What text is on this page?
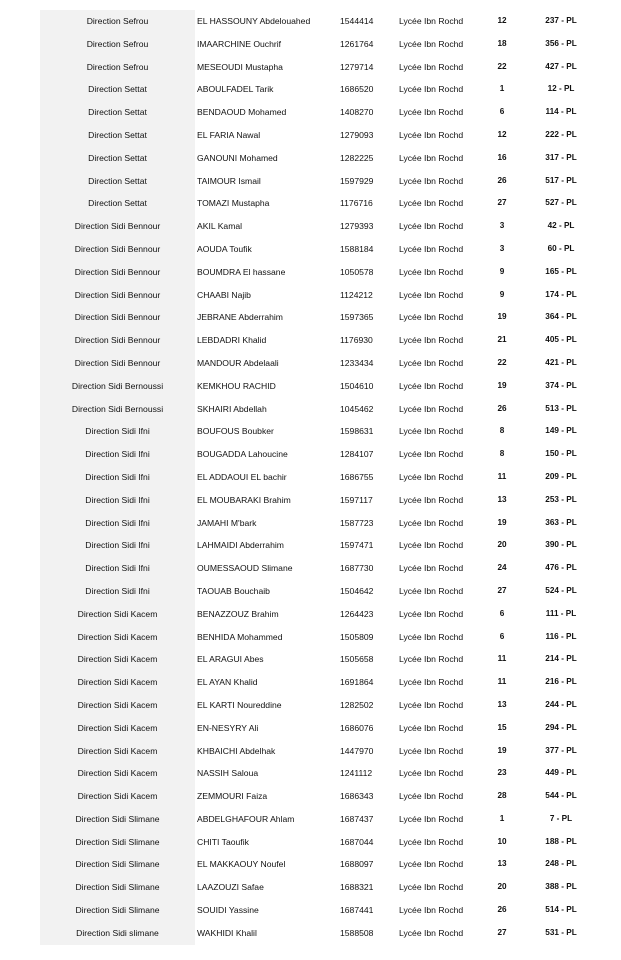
Direction Sefrou	EL HASSOUNY Abdelouahed	1544414	Lycée Ibn Rochd	12	237 - PL
Direction Sefrou	IMAARCHINE Ouchrif	1261764	Lycée Ibn Rochd	18	356 - PL
Direction Sefrou	MESEOUDI Mustapha	1279714	Lycée Ibn Rochd	22	427 - PL
Direction Settat	ABOULFADEL Tarik	1686520	Lycée Ibn Rochd	1	12 - PL
Direction Settat	BENDAOUD Mohamed	1408270	Lycée Ibn Rochd	6	114 - PL
Direction Settat	EL FARIA Nawal	1279093	Lycée Ibn Rochd	12	222 - PL
Direction Settat	GANOUNI Mohamed	1282225	Lycée Ibn Rochd	16	317 - PL
Direction Settat	TAIMOUR Ismail	1597929	Lycée Ibn Rochd	26	517 - PL
Direction Settat	TOMAZI Mustapha	1176716	Lycée Ibn Rochd	27	527 - PL
Direction Sidi Bennour	AKIL Kamal	1279393	Lycée Ibn Rochd	3	42 - PL
Direction Sidi Bennour	AOUDA Toufik	1588184	Lycée Ibn Rochd	3	60 - PL
Direction Sidi Bennour	BOUMDRA El hassane	1050578	Lycée Ibn Rochd	9	165 - PL
Direction Sidi Bennour	CHAABI Najib	1124212	Lycée Ibn Rochd	9	174 - PL
Direction Sidi Bennour	JEBRANE Abderrahim	1597365	Lycée Ibn Rochd	19	364 - PL
Direction Sidi Bennour	LEBDADRI Khalid	1176930	Lycée Ibn Rochd	21	405 - PL
Direction Sidi Bennour	MANDOUR Abdelaali	1233434	Lycée Ibn Rochd	22	421 - PL
Direction Sidi Bernoussi	KEMKHOU RACHID	1504610	Lycée Ibn Rochd	19	374 - PL
Direction Sidi Bernoussi	SKHAIRI Abdellah	1045462	Lycée Ibn Rochd	26	513 - PL
Direction Sidi Ifni	BOUFOUS Boubker	1598631	Lycée Ibn Rochd	8	149 - PL
Direction Sidi Ifni	BOUGADDA Lahoucine	1284107	Lycée Ibn Rochd	8	150 - PL
Direction Sidi Ifni	EL ADDAOUI EL bachir	1686755	Lycée Ibn Rochd	11	209 - PL
Direction Sidi Ifni	EL MOUBARAKI Brahim	1597117	Lycée Ibn Rochd	13	253 - PL
Direction Sidi Ifni	JAMAHI M'bark	1587723	Lycée Ibn Rochd	19	363 - PL
Direction Sidi Ifni	LAHMAIDI Abderrahim	1597471	Lycée Ibn Rochd	20	390 - PL
Direction Sidi Ifni	OUMESSAOUD Slimane	1687730	Lycée Ibn Rochd	24	476 - PL
Direction Sidi Ifni	TAOUAB Bouchaib	1504642	Lycée Ibn Rochd	27	524 - PL
Direction Sidi Kacem	BENAZZOUZ Brahim	1264423	Lycée Ibn Rochd	6	111 - PL
Direction Sidi Kacem	BENHIDA Mohammed	1505809	Lycée Ibn Rochd	6	116 - PL
Direction Sidi Kacem	EL ARAGUI Abes	1505658	Lycée Ibn Rochd	11	214 - PL
Direction Sidi Kacem	EL AYAN Khalid	1691864	Lycée Ibn Rochd	11	216 - PL
Direction Sidi Kacem	EL KARTI Noureddine	1282502	Lycée Ibn Rochd	13	244 - PL
Direction Sidi Kacem	EN-NESYRY Ali	1686076	Lycée Ibn Rochd	15	294 - PL
Direction Sidi Kacem	KHBAICHI Abdelhak	1447970	Lycée Ibn Rochd	19	377 - PL
Direction Sidi Kacem	NASSIH Saloua	1241112	Lycée Ibn Rochd	23	449 - PL
Direction Sidi Kacem	ZEMMOURI Faiza	1686343	Lycée Ibn Rochd	28	544 - PL
Direction Sidi Slimane	ABDELGHAFOUR Ahlam	1687437	Lycée Ibn Rochd	1	7 - PL
Direction Sidi Slimane	CHITI Taoufik	1687044	Lycée Ibn Rochd	10	188 - PL
Direction Sidi Slimane	EL MAKKAOUY Noufel	1688097	Lycée Ibn Rochd	13	248 - PL
Direction Sidi Slimane	LAAZOUZI Safae	1688321	Lycée Ibn Rochd	20	388 - PL
Direction Sidi Slimane	SOUIDI Yassine	1687441	Lycée Ibn Rochd	26	514 - PL
Direction Sidi slimane	WAKHIDI Khalil	1588508	Lycée Ibn Rochd	27	531 - PL
